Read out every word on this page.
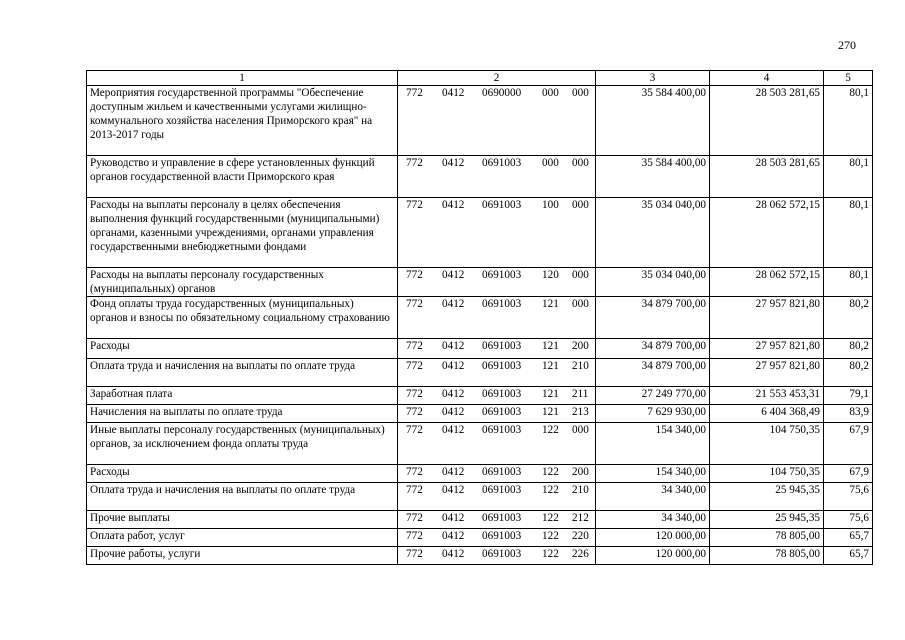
270
1	2	3	4	5
Мероприятия государственной программы "Обеспечение доступным жильем и качественными услугами жилищно-коммунального хозяйства населения Приморского края" на 2013-2017 годы	772 0412 0690000 000 000	35 584 400,00	28 503 281,65	80,1
Руководство и управление в сфере установленных функций органов государственной власти Приморского края	772 0412 0691003 000 000	35 584 400,00	28 503 281,65	80,1
Расходы на выплаты персоналу в целях обеспечения выполнения функций государственными (муниципальными) органами, казенными учреждениями, органами управления государственными внебюджетными фондами	772 0412 0691003 100 000	35 034 040,00	28 062 572,15	80,1
Расходы на выплаты персоналу государственных (муниципальных) органов	772 0412 0691003 120 000	35 034 040,00	28 062 572,15	80,1
Фонд оплаты труда государственных (муниципальных) органов и взносы по обязательному социальному страхованию	772 0412 0691003 121 000	34 879 700,00	27 957 821,80	80,2
Расходы	772 0412 0691003 121 200	34 879 700,00	27 957 821,80	80,2
Оплата труда и начисления на выплаты по оплате труда	772 0412 0691003 121 210	34 879 700,00	27 957 821,80	80,2
Заработная плата	772 0412 0691003 121 211	27 249 770,00	21 553 453,31	79,1
Начисления на выплаты по оплате труда	772 0412 0691003 121 213	7 629 930,00	6 404 368,49	83,9
Иные выплаты персоналу государственных (муниципальных) органов, за исключением фонда оплаты труда	772 0412 0691003 122 000	154 340,00	104 750,35	67,9
Расходы	772 0412 0691003 122 200	154 340,00	104 750,35	67,9
Оплата труда и начисления на выплаты по оплате труда	772 0412 0691003 122 210	34 340,00	25 945,35	75,6
Прочие выплаты	772 0412 0691003 122 212	34 340,00	25 945,35	75,6
Оплата работ, услуг	772 0412 0691003 122 220	120 000,00	78 805,00	65,7
Прочие работы, услуги	772 0412 0691003 122 226	120 000,00	78 805,00	65,7
